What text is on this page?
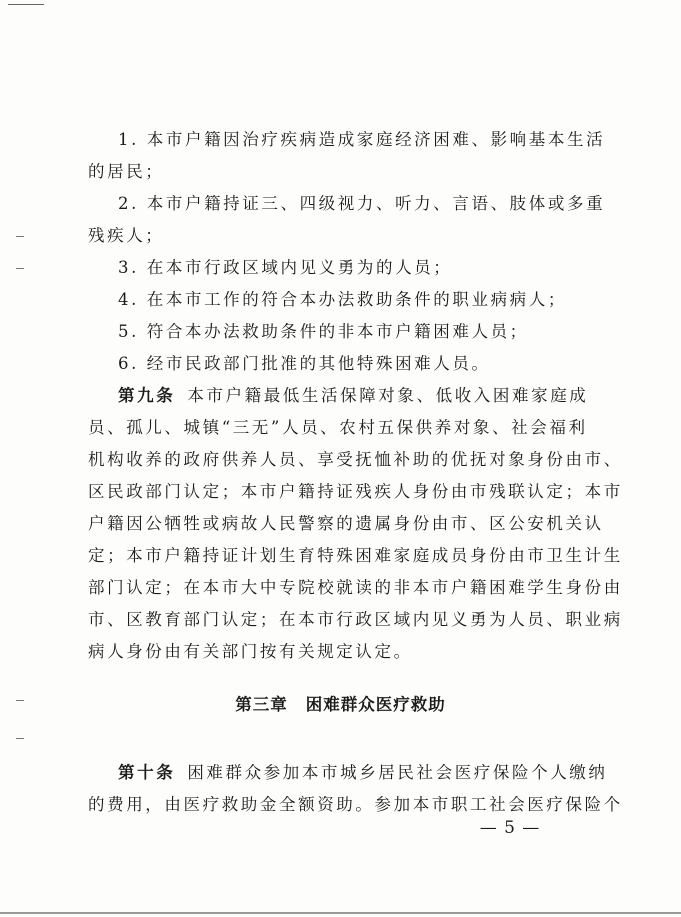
1. 本市户籍因治疗疾病造成家庭经济困难、影响基本生活
的居民；
2. 本市户籍持证三、四级视力、听力、言语、肢体或多重
残疾人；
3. 在本市行政区域内见义勇为的人员；
4. 在本市工作的符合本办法救助条件的职业病病人；
5. 符合本办法救助条件的非本市户籍困难人员；
6. 经市民政部门批准的其他特殊困难人员。
第九条 本市户籍最低生活保障对象、低收入困难家庭成
员、孤儿、城镇“三无”人员、农村五保供养对象、社会福利
机构收养的政府供养人员、享受抚恤补助的优抚对象身份由市、
区民政部门认定；本市户籍持证残疾人身份由市残联认定；本市
户籍因公牺牲或病故人民警察的遗属身份由市、区公安机关认
定；本市户籍持证计划生育特殊困难家庭成员身份由市卫生计生
部门认定；在本市大中专院校就读的非本市户籍困难学生身份由
市、区教育部门认定；在本市行政区域内见义勇为人员、职业病
病人身份由有关部门按有关规定认定。
第三章 困难群众医疗救助
第十条 困难群众参加本市城乡居民社会医疗保险个人缴纳
的费用，由医疗救助金全额资助。参加本市职工社会医疗保险个
— 5 —
